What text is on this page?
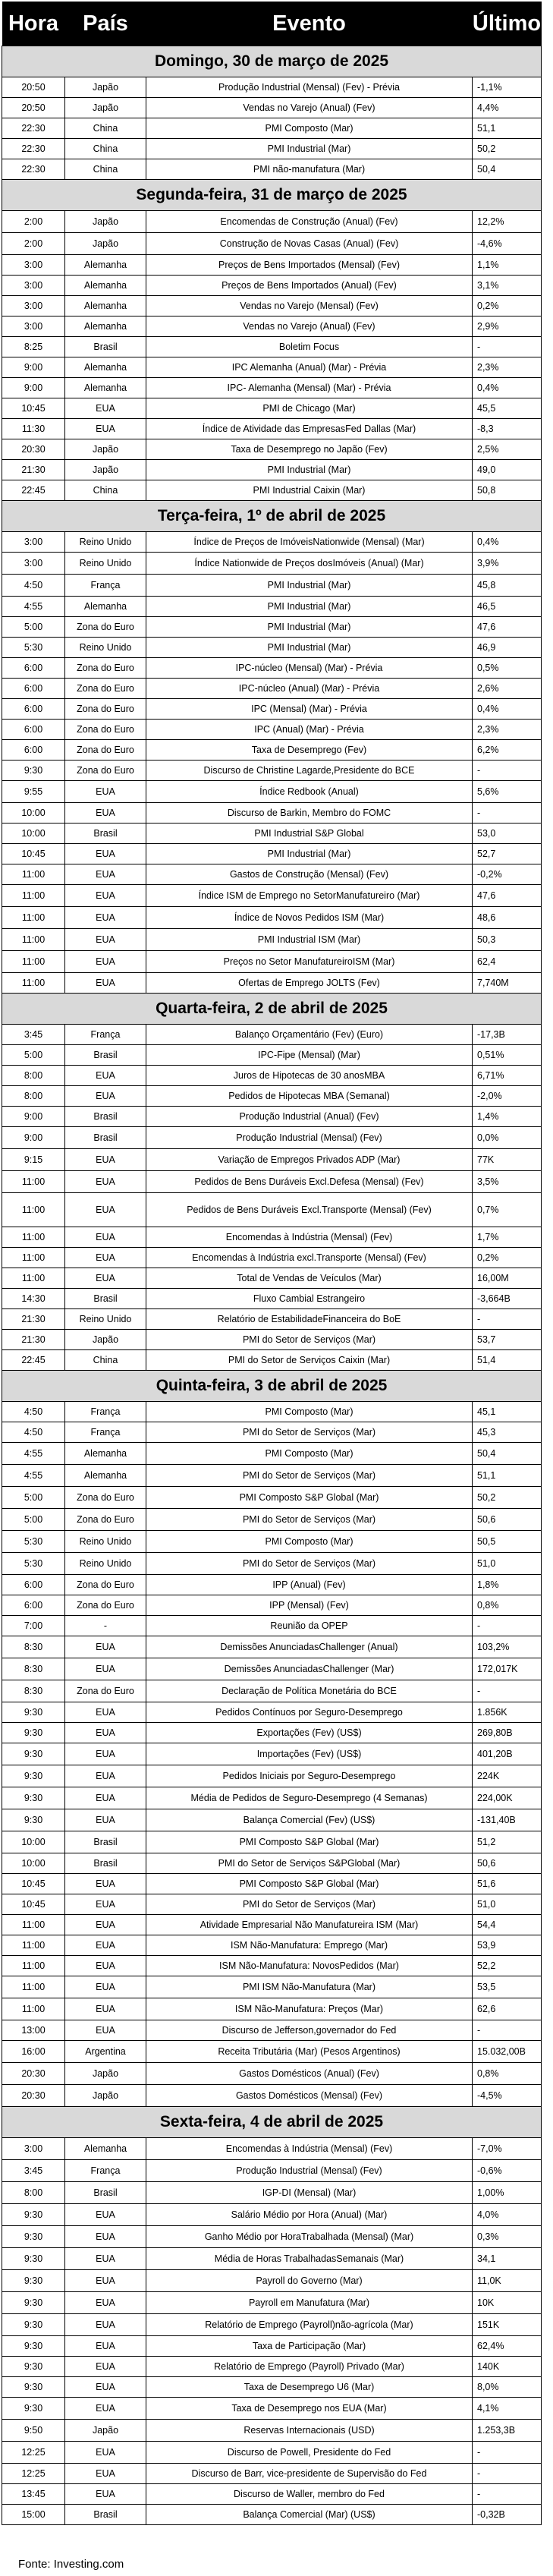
Hora	País	Evento	Último
Domingo, 30 de março de 2025			
20:50	Japão	Produção Industrial (Mensal) (Fev) - Prévia	-1,1%
20:50	Japão	Vendas no Varejo (Anual) (Fev)	4,4%
22:30	China	PMI Composto (Mar)	51,1
22:30	China	PMI Industrial (Mar)	50,2
22:30	China	PMI não-manufatura (Mar)	50,4
Segunda-feira, 31 de março de 2025			
2:00	Japão	Encomendas de Construção (Anual) (Fev)	12,2%
2:00	Japão	Construção de Novas Casas (Anual) (Fev)	-4,6%
3:00	Alemanha	Preços de Bens Importados (Mensal) (Fev)	1,1%
3:00	Alemanha	Preços de Bens Importados (Anual) (Fev)	3,1%
3:00	Alemanha	Vendas no Varejo (Mensal) (Fev)	0,2%
3:00	Alemanha	Vendas no Varejo (Anual) (Fev)	2,9%
8:25	Brasil	Boletim Focus	-
9:00	Alemanha	IPC Alemanha (Anual) (Mar) - Prévia	2,3%
9:00	Alemanha	IPC- Alemanha (Mensal) (Mar) - Prévia	0,4%
10:45	EUA	PMI de Chicago (Mar)	45,5
11:30	EUA	Índice de Atividade das EmpresasFed Dallas (Mar)	-8,3
20:30	Japão	Taxa de Desemprego no Japão (Fev)	2,5%
21:30	Japão	PMI Industrial (Mar)	49,0
22:45	China	PMI Industrial Caixin (Mar)	50,8
Terça-feira, 1º de abril de 2025			
3:00	Reino Unido	Índice de Preços de ImóveisNationwide (Mensal) (Mar)	0,4%
3:00	Reino Unido	Índice Nationwide de Preços dosImóveis (Anual) (Mar)	3,9%
4:50	França	PMI Industrial (Mar)	45,8
4:55	Alemanha	PMI Industrial (Mar)	46,5
5:00	Zona do Euro	PMI Industrial (Mar)	47,6
5:30	Reino Unido	PMI Industrial (Mar)	46,9
6:00	Zona do Euro	IPC-núcleo (Mensal) (Mar) - Prévia	0,5%
6:00	Zona do Euro	IPC-núcleo (Anual) (Mar) - Prévia	2,6%
6:00	Zona do Euro	IPC (Mensal) (Mar) - Prévia	0,4%
6:00	Zona do Euro	IPC (Anual) (Mar) - Prévia	2,3%
6:00	Zona do Euro	Taxa de Desemprego (Fev)	6,2%
9:30	Zona do Euro	Discurso de Christine Lagarde,Presidente do BCE	-
9:55	EUA	Índice Redbook (Anual)	5,6%
10:00	EUA	Discurso de Barkin, Membro do FOMC	-
10:00	Brasil	PMI Industrial S&P Global	53,0
10:45	EUA	PMI Industrial (Mar)	52,7
11:00	EUA	Gastos de Construção (Mensal) (Fev)	-0,2%
11:00	EUA	Índice ISM de Emprego no SetorManufatureiro (Mar)	47,6
11:00	EUA	Índice de Novos Pedidos ISM (Mar)	48,6
11:00	EUA	PMI Industrial ISM (Mar)	50,3
11:00	EUA	Preços no Setor ManufatureiroISM (Mar)	62,4
11:00	EUA	Ofertas de Emprego JOLTS (Fev)	7,740M
Quarta-feira, 2 de abril de 2025			
3:45	França	Balanço Orçamentário (Fev) (Euro)	-17,3B
5:00	Brasil	IPC-Fipe (Mensal) (Mar)	0,51%
8:00	EUA	Juros de Hipotecas de 30 anosMBA	6,71%
8:00	EUA	Pedidos de Hipotecas MBA (Semanal)	-2,0%
9:00	Brasil	Produção Industrial (Anual) (Fev)	1,4%
9:00	Brasil	Produção Industrial (Mensal) (Fev)	0,0%
9:15	EUA	Variação de Empregos Privados ADP (Mar)	77K
11:00	EUA	Pedidos de Bens Duráveis Excl.Defesa (Mensal) (Fev)	3,5%
11:00	EUA	Pedidos de Bens Duráveis Excl.Transporte (Mensal) (Fev)	0,7%
11:00	EUA	Encomendas à Indústria (Mensal) (Fev)	1,7%
11:00	EUA	Encomendas à Indústria excl.Transporte (Mensal) (Fev)	0,2%
11:00	EUA	Total de Vendas de Veículos (Mar)	16,00M
14:30	Brasil	Fluxo Cambial Estrangeiro	-3,664B
21:30	Reino Unido	Relatório de EstabilidadeFinanceira do BoE	-
21:30	Japão	PMI do Setor de Serviços (Mar)	53,7
22:45	China	PMI do Setor de Serviços Caixin (Mar)	51,4
Quinta-feira, 3 de abril de 2025			
4:50	França	PMI Composto (Mar)	45,1
4:50	França	PMI do Setor de Serviços (Mar)	45,3
4:55	Alemanha	PMI Composto (Mar)	50,4
4:55	Alemanha	PMI do Setor de Serviços (Mar)	51,1
5:00	Zona do Euro	PMI Composto S&P Global (Mar)	50,2
5:00	Zona do Euro	PMI do Setor de Serviços (Mar)	50,6
5:30	Reino Unido	PMI Composto (Mar)	50,5
5:30	Reino Unido	PMI do Setor de Serviços (Mar)	51,0
6:00	Zona do Euro	IPP (Anual) (Fev)	1,8%
6:00	Zona do Euro	IPP (Mensal) (Fev)	0,8%
7:00	-	Reunião da OPEP	-
8:30	EUA	Demissões AnunciadasChallenger (Anual)	103,2%
8:30	EUA	Demissões AnunciadasChallenger (Mar)	172,017K
8:30	Zona do Euro	Declaração de Política Monetária do BCE	-
9:30	EUA	Pedidos Contínuos por Seguro-Desemprego	1.856K
9:30	EUA	Exportações (Fev) (US$)	269,80B
9:30	EUA	Importações (Fev) (US$)	401,20B
9:30	EUA	Pedidos Iniciais por Seguro-Desemprego	224K
9:30	EUA	Média de Pedidos de Seguro-Desemprego (4 Semanas)	224,00K
9:30	EUA	Balança Comercial (Fev) (US$)	-131,40B
10:00	Brasil	PMI Composto S&P Global (Mar)	51,2
10:00	Brasil	PMI do Setor de Serviços S&PGlobal (Mar)	50,6
10:45	EUA	PMI Composto S&P Global (Mar)	51,6
10:45	EUA	PMI do Setor de Serviços (Mar)	51,0
11:00	EUA	Atividade Empresarial Não Manufatureira ISM (Mar)	54,4
11:00	EUA	ISM Não-Manufatura: Emprego (Mar)	53,9
11:00	EUA	ISM Não-Manufatura: NovosPedidos (Mar)	52,2
11:00	EUA	PMI ISM Não-Manufatura (Mar)	53,5
11:00	EUA	ISM Não-Manufatura: Preços (Mar)	62,6
13:00	EUA	Discurso de Jefferson,governador do Fed	-
16:00	Argentina	Receita Tributária (Mar) (Pesos Argentinos)	15.032,00B
20:30	Japão	Gastos Domésticos (Anual) (Fev)	0,8%
20:30	Japão	Gastos Domésticos (Mensal) (Fev)	-4,5%
Sexta-feira, 4 de abril de 2025			
3:00	Alemanha	Encomendas à Indústria (Mensal) (Fev)	-7,0%
3:45	França	Produção Industrial (Mensal) (Fev)	-0,6%
8:00	Brasil	IGP-DI (Mensal) (Mar)	1,00%
9:30	EUA	Salário Médio por Hora (Anual) (Mar)	4,0%
9:30	EUA	Ganho Médio por HoraTrabalhada (Mensal) (Mar)	0,3%
9:30	EUA	Média de Horas TrabalhadasSemanais (Mar)	34,1
9:30	EUA	Payroll do Governo (Mar)	11,0K
9:30	EUA	Payroll em Manufatura (Mar)	10K
9:30	EUA	Relatório de Emprego (Payroll)não-agrícola (Mar)	151K
9:30	EUA	Taxa de Participação (Mar)	62,4%
9:30	EUA	Relatório de Emprego (Payroll) Privado (Mar)	140K
9:30	EUA	Taxa de Desemprego U6 (Mar)	8,0%
9:30	EUA	Taxa de Desemprego nos EUA (Mar)	4,1%
9:50	Japão	Reservas Internacionais (USD)	1.253,3B
12:25	EUA	Discurso de Powell, Presidente do Fed	-
12:25	EUA	Discurso de Barr, vice-presidente de Supervisão do Fed	-
13:45	EUA	Discurso de Waller, membro do Fed	-
15:00	Brasil	Balança Comercial (Mar) (US$)	-0,32B
Fonte: Investing.com
